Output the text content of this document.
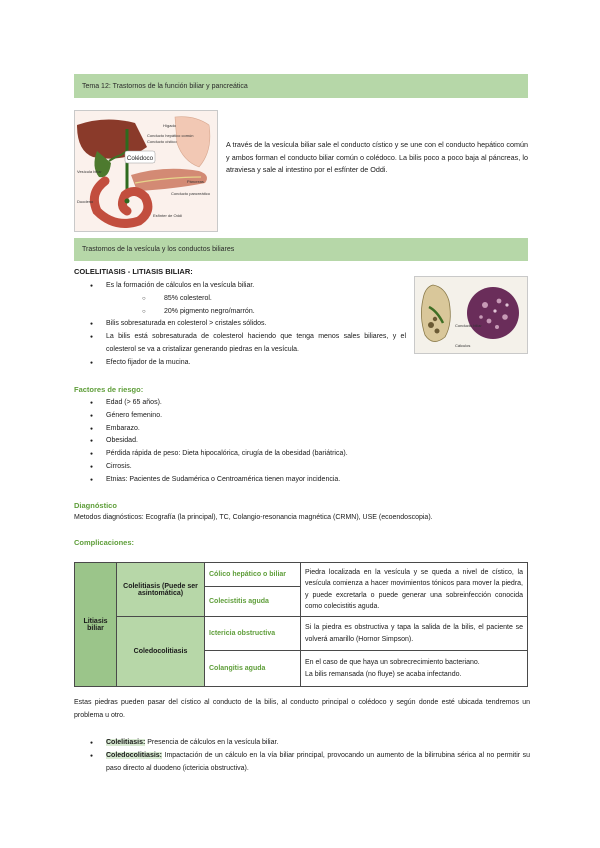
Tema 12: Trastornos de la función biliar y pancreática
Colédoco
Hígado
Conducto hepático común
Conducto cístico
Vesícula biliar
Páncreas
Conducto pancreático
Duodeno
Esfínter de Oddi

A través de la vesícula biliar sale el conducto cístico y se une con el conducto hepático común y ambos forman el conducto biliar común o colédoco. La bilis poco a poco baja al páncreas, lo atraviesa y sale al intestino por el esfínter de Oddi.

Trastornos de la vesícula y los conductos biliares
Conducto biliar
Cálculos

COLELITIASIS - LITIASIS BILIAR:

● Es la formación de cálculos en la vesícula biliar.
○ 85% colesterol.
○ 20% pigmento negro/marrón.
● Bilis sobresaturada en colesterol > cristales sólidos.
● La bilis está sobresaturada de colesterol haciendo que tenga menos sales biliares, y el colesterol se va a cristalizar generando piedras en la vesícula.
● Efecto fijador de la mucina.

Factores de riesgo:

● Edad (> 65 años).
● Género femenino.
● Embarazo.
● Obesidad.
● Pérdida rápida de peso: Dieta hipocalórica, cirugía de la obesidad (bariátrica).
● Cirrosis.
● Etnias: Pacientes de Sudamérica o Centroamérica tienen mayor incidencia.

Diagnóstico

Metodos diagnósticos: Ecografía (la principal), TC, Colangio-resonancia magnética (CRMN), USE (ecoendoscopia).

Complicaciones:

Litiasis biliar	Colelitiasis (Puede ser asintomática)	Cólico hepático o biliar	Piedra localizada en la vesícula y se queda a nivel de cístico, la vesícula comienza a hacer movimientos tónicos para mover la piedra, y puede excretarla o puede generar una sobreinfección conocida como colecistitis aguda.
		Colecistitis aguda	
	Coledocolitiasis	Ictericia obstructiva	Si la piedra es obstructiva y tapa la salida de la bilis, el paciente se volverá amarillo (Hornor Simpson).
		Colangitis aguda	En el caso de que haya un sobrecrecimiento bacteriano.
La bilis remansada (no fluye) se acaba infectando.

Estas piedras pueden pasar del cístico al conducto de la bilis, al conducto principal o colédoco y según donde esté ubicada tendremos un problema u otro.

● Colelitiasis: Presencia de cálculos en la vesícula biliar.
● Coledocolitiasis: Impactación de un cálculo en la vía biliar principal, provocando un aumento de la bilirrubina sérica al no permitir su paso directo al duodeno (ictericia obstructiva).
